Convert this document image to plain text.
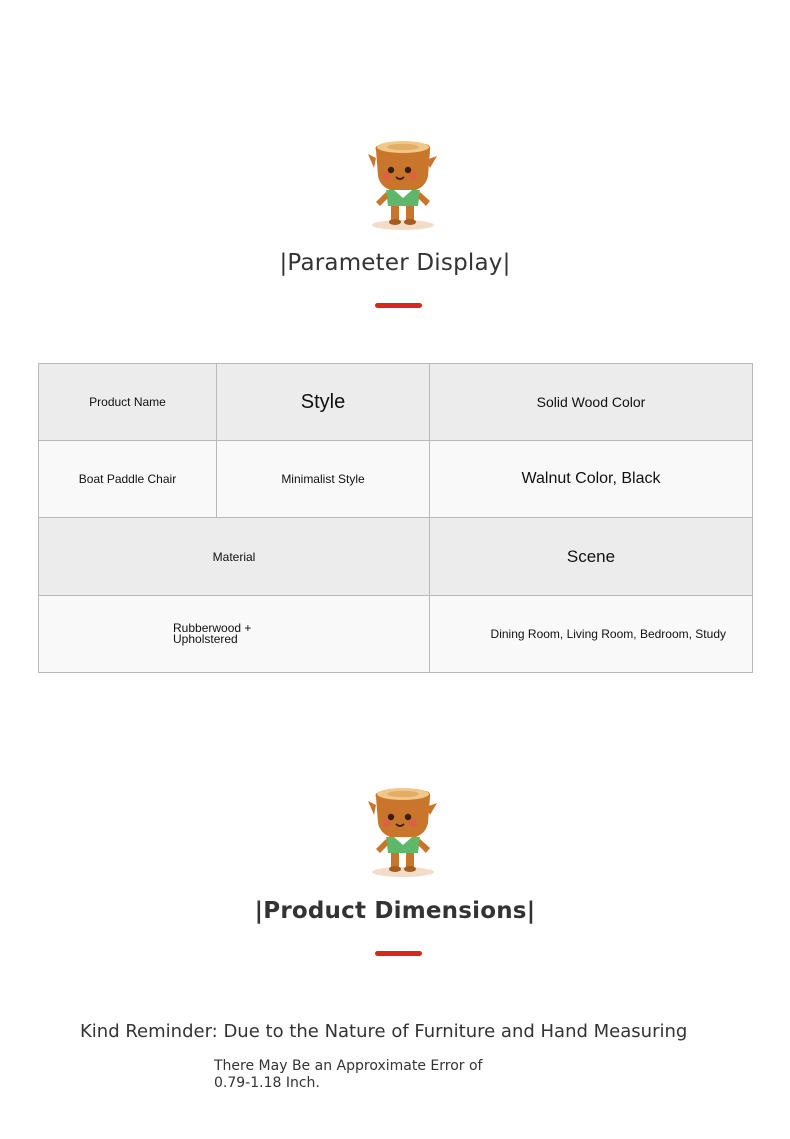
|Parameter Display|
Product Name	Style	Solid Wood Color
Boat Paddle Chair	Minimalist Style	Walnut Color, Black
Material		Scene
Rubberwood +
Upholstered		Dining Room, Living Room, Bedroom, Study
|Product Dimensions|
Kind Reminder: Due to the Nature of Furniture and Hand Measuring
There May Be an Approximate Error of
0.79-1.18 Inch.
